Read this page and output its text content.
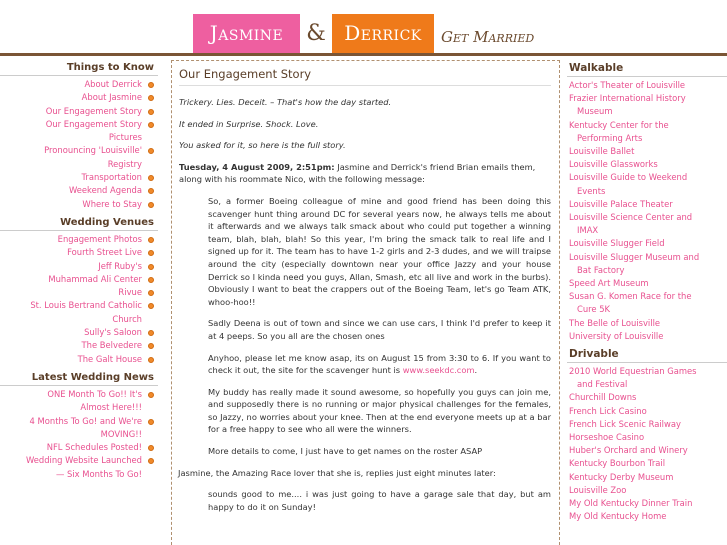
Jasmine	& Derrick	Get Married
Things to Know
About Derrick
About Jasmine
Our Engagement Story
Our Engagement Story
Pictures
Pronouncing 'Louisville'
Registry
Transportation
Weekend Agenda
Where to Stay
Wedding Venues
Engagement Photos
Fourth Street Live
Jeff Ruby's
Muhammad Ali Center
Rivue
St. Louis Bertrand Catholic
Church
Sully's Saloon
The Belvedere
The Galt House
Latest Wedding News
ONE Month To Go!! It's
Almost Here!!!
4 Months To Go! and We're
MOVING!!
NFL Schedules Posted!
Wedding Website Launched
— Six Months To Go!
Our Engagement Story

Trickery. Lies. Deceit. – That's how the day started.

It ended in Surprise. Shock. Love.

You asked for it, so here is the full story.

Tuesday, 4 August 2009, 2:51pm: Jasmine and Derrick's friend Brian emails them, along with his roommate Nico, with the following message:

So, a former Boeing colleague of mine and good friend has been doing this scavenger hunt thing around DC for several years now, he always tells me about it afterwards and we always talk smack about who could put together a winning team, blah, blah, blah! So this year, I'm bring the smack talk to real life and I signed up for it. The team has to have 1-2 girls and 2-3 dudes, and we will traipse around the city (especially downtown near your office Jazzy and your house Derrick so I kinda need you guys, Allan, Smash, etc all live and work in the burbs). Obviously I want to beat the crappers out of the Boeing Team, let's go Team ATK, whoo-hoo!!

Sadly Deena is out of town and since we can use cars, I think I'd prefer to keep it at 4 peeps. So you all are the chosen ones

Anyhoo, please let me know asap, its on August 15 from 3:30 to 6. If you want to check it out, the site for the scavenger hunt is www.seekdc.com.

My buddy has really made it sound awesome, so hopefully you guys can join me, and supposedly there is no running or major physical challenges for the females, so Jazzy, no worries about your knee. Then at the end everyone meets up at a bar for a free happy to see who all were the winners.

More details to come, I just have to get names on the roster ASAP

Jasmine, the Amazing Race lover that she is, replies just eight minutes later:

sounds good to me.... i was just going to have a garage sale that day, but am happy to do it on Sunday!

Walkable
Actor's Theater of Louisville
Frazier International History
Museum
Kentucky Center for the
Performing Arts
Louisville Ballet
Louisville Glassworks
Louisville Guide to Weekend
Events
Louisville Palace Theater
Louisville Science Center and
IMAX
Louisville Slugger Field
Louisville Slugger Museum and
Bat Factory
Speed Art Museum
Susan G. Komen Race for the
Cure 5K
The Belle of Louisville
University of Louisville
Drivable
2010 World Equestrian Games
and Festival
Churchill Downs
French Lick Casino
French Lick Scenic Railway
Horseshoe Casino
Huber's Orchard and Winery
Kentucky Bourbon Trail
Kentucky Derby Museum
Louisville Zoo
My Old Kentucky Dinner Train
My Old Kentucky Home
